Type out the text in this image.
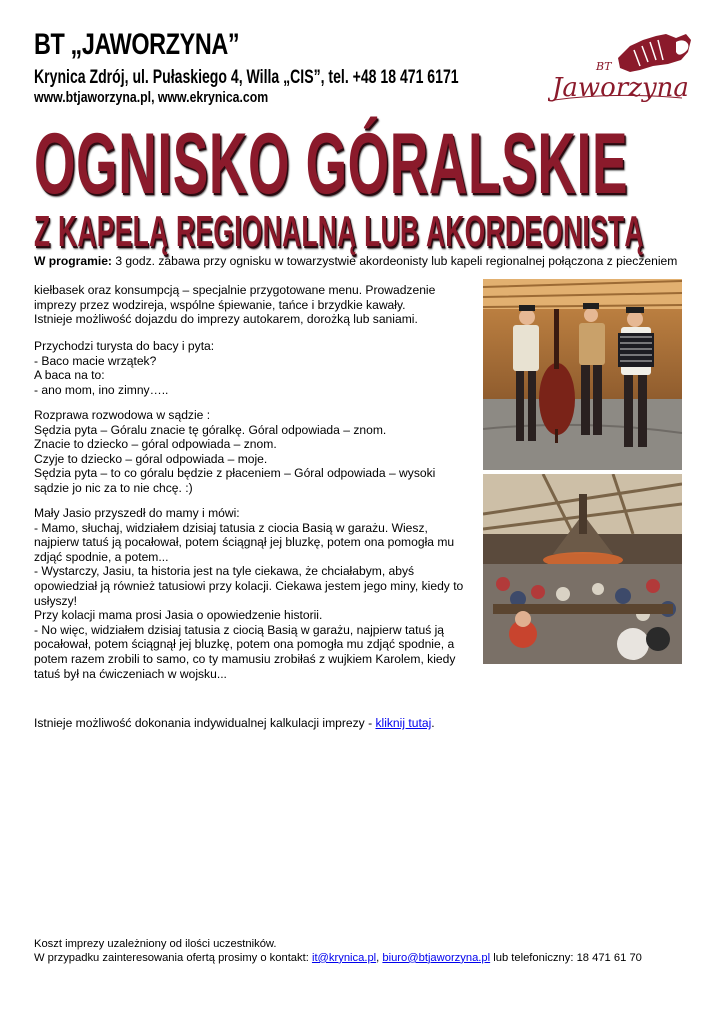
BT „JAWORZYNA”
Krynica Zdrój, ul. Pułaskiego 4, Willa „CIS”, tel. +48 18 471 6171
www.btjaworzyna.pl, www.ekrynica.com
BT
Jaworzyna
OGNISKO GÓRALSKIE
Z KAPELĄ REGIONALNĄ LUB AKORDEONISTĄ
W programie: 3 godz. zabawa przy ognisku w towarzystwie akordeonisty lub kapeli regionalnej połączona z pieczeniem
kiełbasek oraz konsumpcją – specjalnie przygotowane menu. Prowadzenie
imprezy przez wodzireja, wspólne śpiewanie, tańce i brzydkie kawały.
Istnieje możliwość dojazdu do imprezy autokarem, dorożką lub saniami.
Przychodzi turysta do bacy i pyta:
- Baco macie wrzątek?
A baca na to:
- ano mom, ino zimny…..
Rozprawa rozwodowa w sądzie :
Sędzia pyta – Góralu znacie tę góralkę. Góral odpowiada – znom.
Znacie to dziecko – góral odpowiada – znom.
Czyje to dziecko – góral odpowiada – moje.
Sędzia pyta – to co góralu będzie z płaceniem – Góral odpowiada – wysoki
sądzie jo nic za to nie chcę. :)
Mały Jasio przyszedł do mamy i mówi:
- Mamo, słuchaj, widziałem dzisiaj tatusia z ciocia Basią w garażu. Wiesz,
najpierw tatuś ją pocałował, potem ściągnął jej bluzkę, potem ona pomogła mu
zdjąć spodnie, a potem...
- Wystarczy, Jasiu, ta historia jest na tyle ciekawa, że chciałabym, abyś
opowiedział ją również tatusiowi przy kolacji. Ciekawa jestem jego miny, kiedy to
usłyszy!
Przy kolacji mama prosi Jasia o opowiedzenie historii.
- No więc, widziałem dzisiaj tatusia z ciocią Basią w garażu, najpierw tatuś ją
pocałował, potem ściągnął jej bluzkę, potem ona pomogła mu zdjąć spodnie, a
potem razem zrobili to samo, co ty mamusiu zrobiłaś z wujkiem Karolem, kiedy
tatuś był na ćwiczeniach w wojsku...
Istnieje możliwość dokonania indywidualnej kalkulacji imprezy - kliknij tutaj.
Koszt imprezy uzależniony od ilości uczestników.
W przypadku zainteresowania ofertą prosimy o kontakt: it@krynica.pl, biuro@btjaworzyna.pl lub telefoniczny: 18 471 61 70
